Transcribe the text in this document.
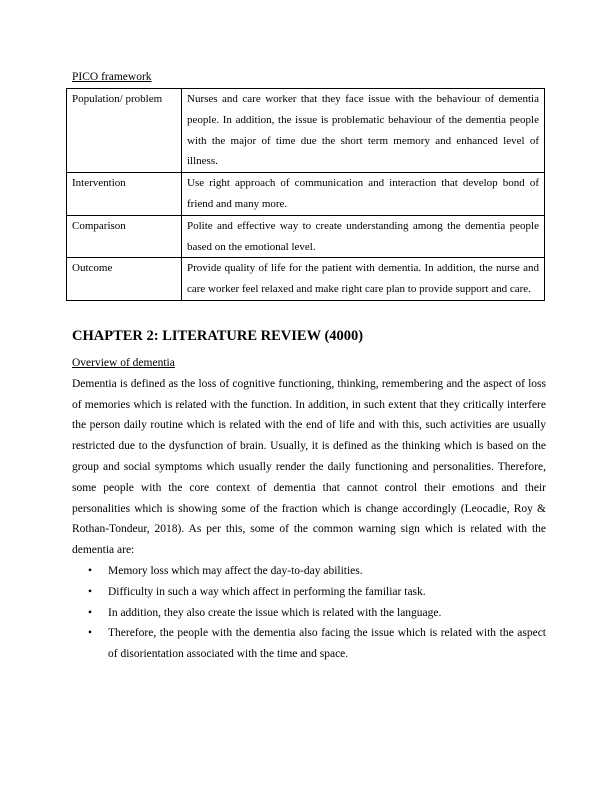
PICO framework

Population/ problem	Nurses and care worker that they face issue with the behaviour of dementia people. In addition, the issue is problematic behaviour of the dementia people with the major of time due the short term memory and enhanced level of illness.
Intervention	Use right approach of communication and interaction that develop bond of friend and many more.
Comparison	Polite and effective way to create understanding among the dementia people based on the emotional level.
Outcome	Provide quality of life for the patient with dementia. In addition, the nurse and care worker feel relaxed and make right care plan to provide support and care.
CHAPTER 2: LITERATURE REVIEW (4000)

Overview of dementia

Dementia is defined as the loss of cognitive functioning, thinking, remembering and the aspect of loss of memories which is related with the function. In addition, in such extent that they critically interfere the person daily routine which is related with the end of life and with this, such activities are usually restricted due to the dysfunction of brain. Usually, it is defined as the thinking which is based on the group and social symptoms which usually render the daily functioning and personalities. Therefore, some people with the core context of dementia that cannot control their emotions and their personalities which is showing some of the fraction which is change accordingly (Leocadie, Roy & Rothan-Tondeur, 2018). As per this, some of the common warning sign which is related with the dementia are:

• Memory loss which may affect the day-to-day abilities.
• Difficulty in such a way which affect in performing the familiar task.
• In addition, they also create the issue which is related with the language.
• Therefore, the people with the dementia also facing the issue which is related with the aspect of disorientation associated with the time and space.
